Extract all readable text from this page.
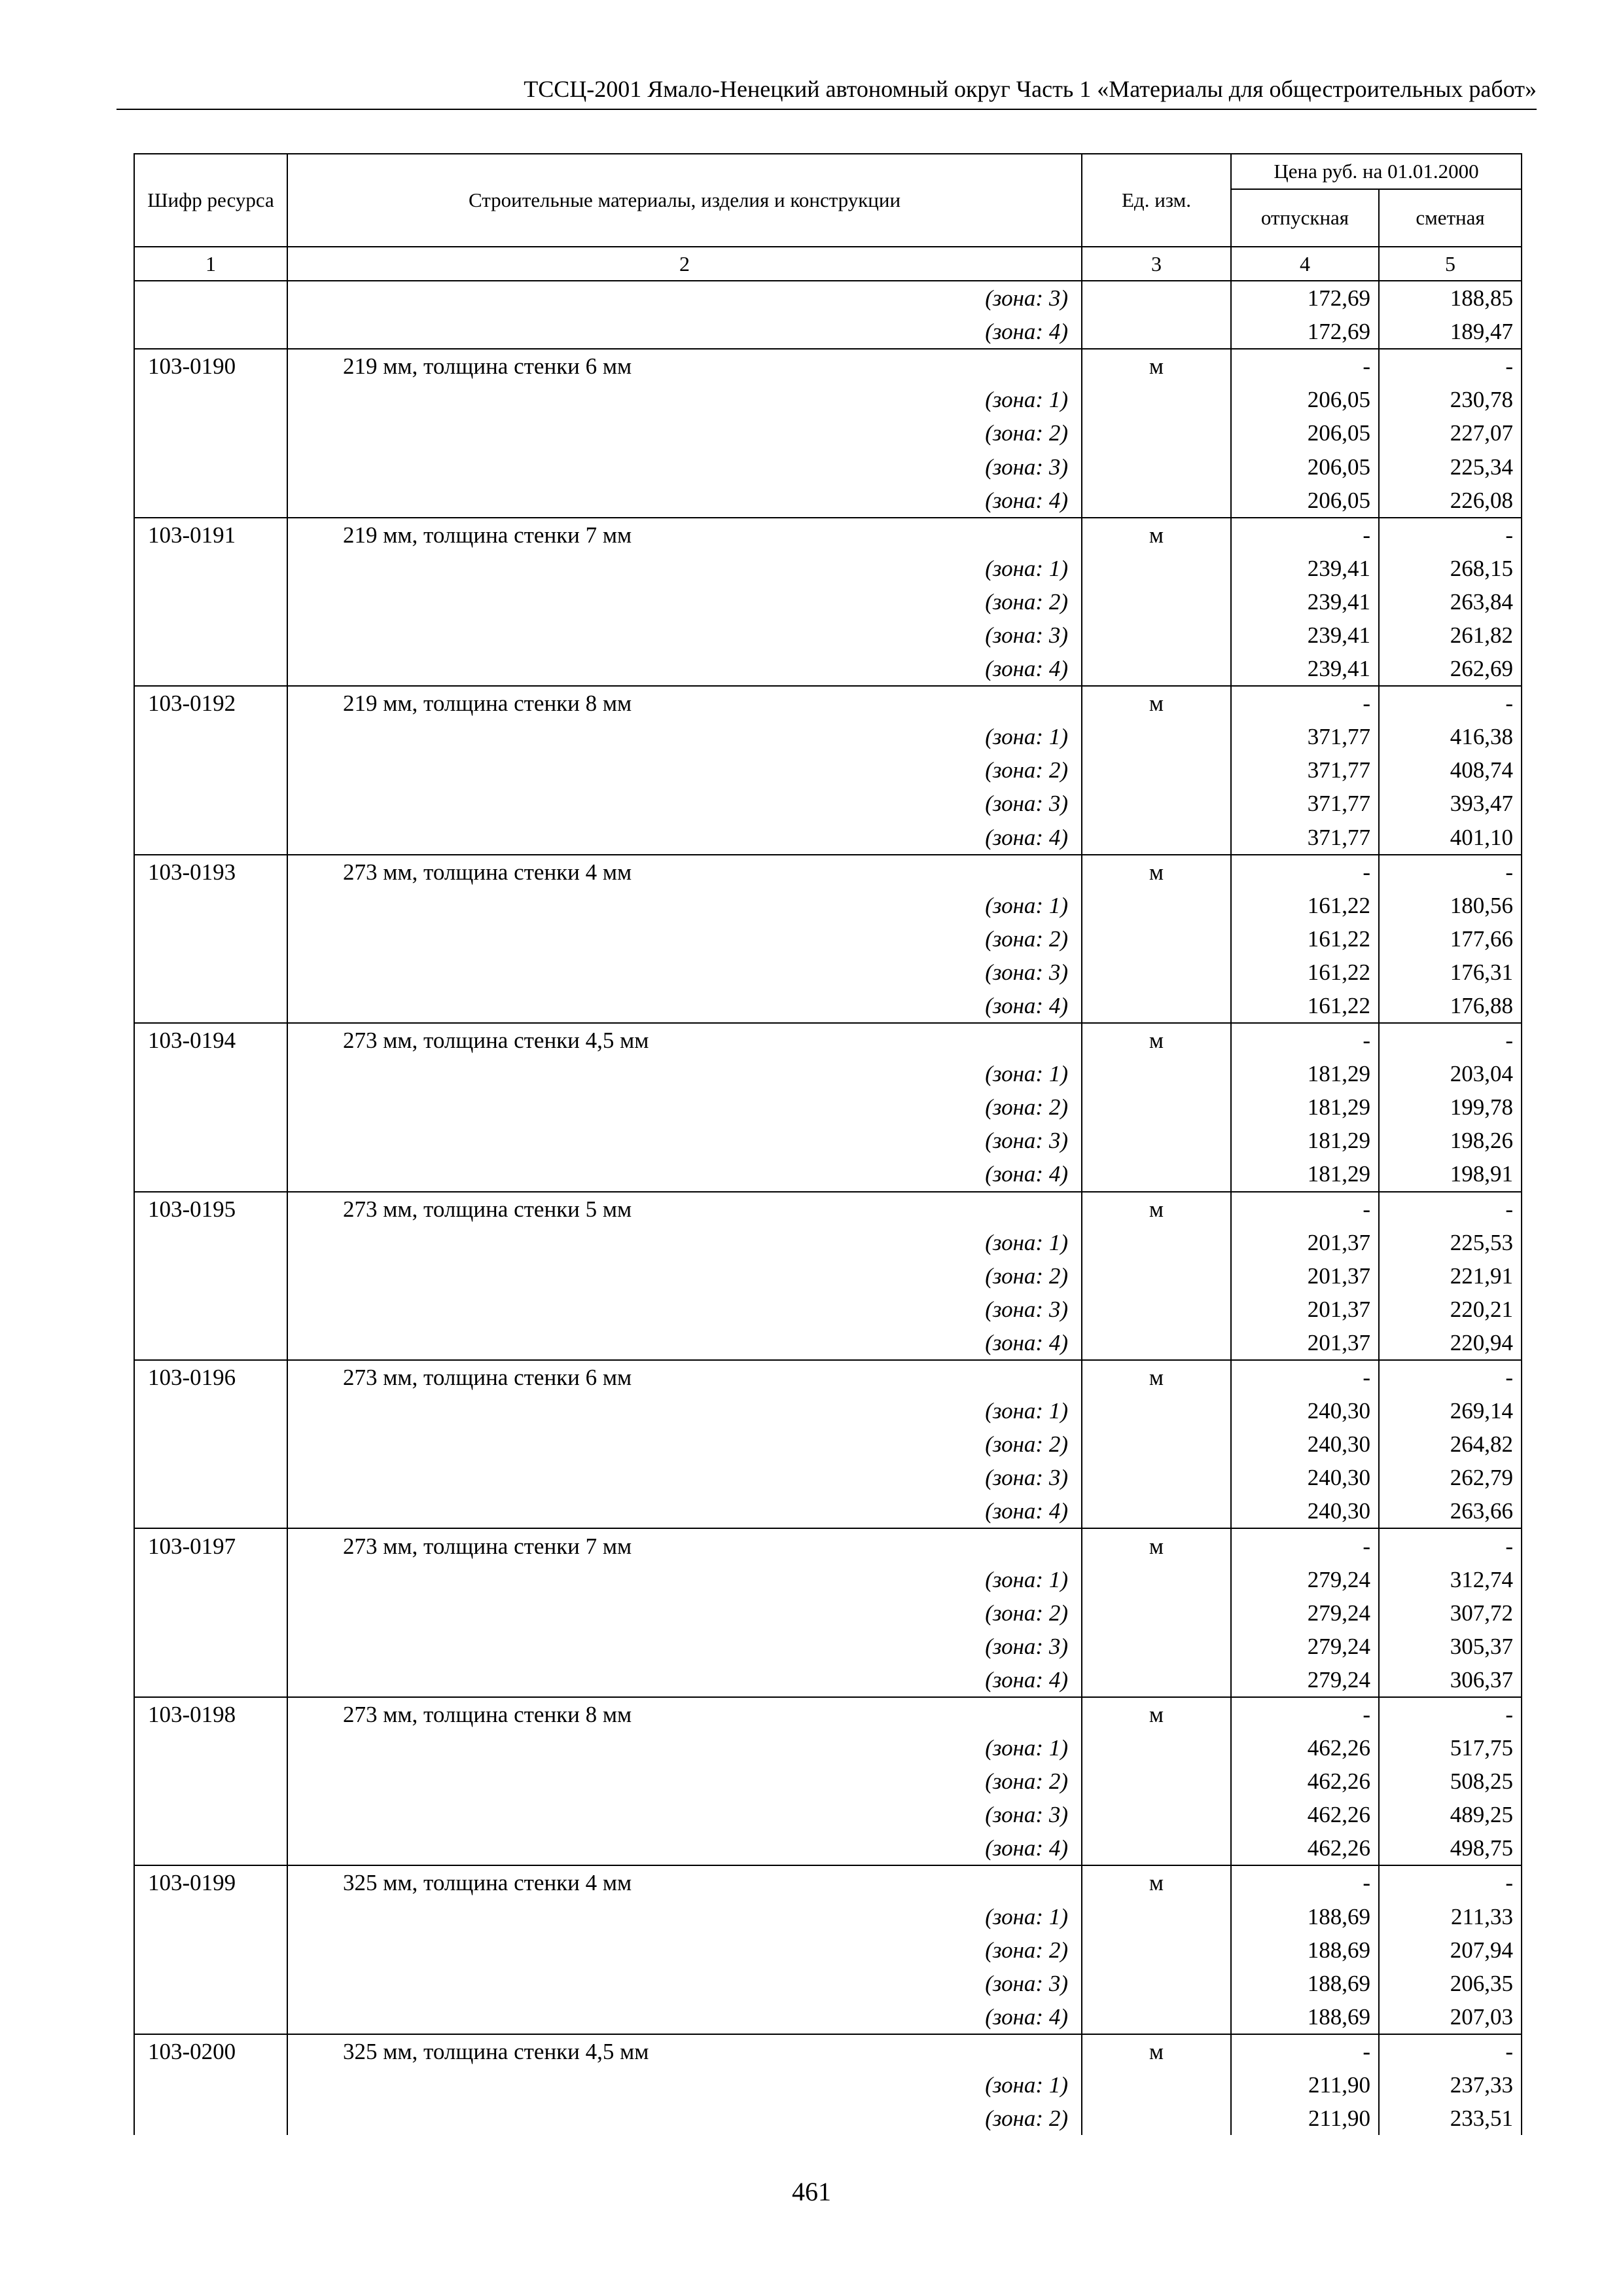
ТССЦ-2001 Ямало-Ненецкий автономный округ Часть 1 «Материалы для общестроительных работ»
Шифр ресурса	Строительные материалы, изделия и конструкции	Ед. изм.	Цена руб. на 01.01.2000	
			отпускная	сметная
1	2	3	4	5
	(зона: 3)		172,69	188,85
	(зона: 4)		172,69	189,47
103-0190	219 мм, толщина стенки 6 мм	м	-	-
	(зона: 1)		206,05	230,78
	(зона: 2)		206,05	227,07
	(зона: 3)		206,05	225,34
	(зона: 4)		206,05	226,08
103-0191	219 мм, толщина стенки 7 мм	м	-	-
	(зона: 1)		239,41	268,15
	(зона: 2)		239,41	263,84
	(зона: 3)		239,41	261,82
	(зона: 4)		239,41	262,69
103-0192	219 мм, толщина стенки 8 мм	м	-	-
	(зона: 1)		371,77	416,38
	(зона: 2)		371,77	408,74
	(зона: 3)		371,77	393,47
	(зона: 4)		371,77	401,10
103-0193	273 мм, толщина стенки 4 мм	м	-	-
	(зона: 1)		161,22	180,56
	(зона: 2)		161,22	177,66
	(зона: 3)		161,22	176,31
	(зона: 4)		161,22	176,88
103-0194	273 мм, толщина стенки 4,5 мм	м	-	-
	(зона: 1)		181,29	203,04
	(зона: 2)		181,29	199,78
	(зона: 3)		181,29	198,26
	(зона: 4)		181,29	198,91
103-0195	273 мм, толщина стенки 5 мм	м	-	-
	(зона: 1)		201,37	225,53
	(зона: 2)		201,37	221,91
	(зона: 3)		201,37	220,21
	(зона: 4)		201,37	220,94
103-0196	273 мм, толщина стенки 6 мм	м	-	-
	(зона: 1)		240,30	269,14
	(зона: 2)		240,30	264,82
	(зона: 3)		240,30	262,79
	(зона: 4)		240,30	263,66
103-0197	273 мм, толщина стенки 7 мм	м	-	-
	(зона: 1)		279,24	312,74
	(зона: 2)		279,24	307,72
	(зона: 3)		279,24	305,37
	(зона: 4)		279,24	306,37
103-0198	273 мм, толщина стенки 8 мм	м	-	-
	(зона: 1)		462,26	517,75
	(зона: 2)		462,26	508,25
	(зона: 3)		462,26	489,25
	(зона: 4)		462,26	498,75
103-0199	325 мм, толщина стенки 4 мм	м	-	-
	(зона: 1)		188,69	211,33
	(зона: 2)		188,69	207,94
	(зона: 3)		188,69	206,35
	(зона: 4)		188,69	207,03
103-0200	325 мм, толщина стенки 4,5 мм	м	-	-
	(зона: 1)		211,90	237,33
	(зона: 2)		211,90	233,51
461
